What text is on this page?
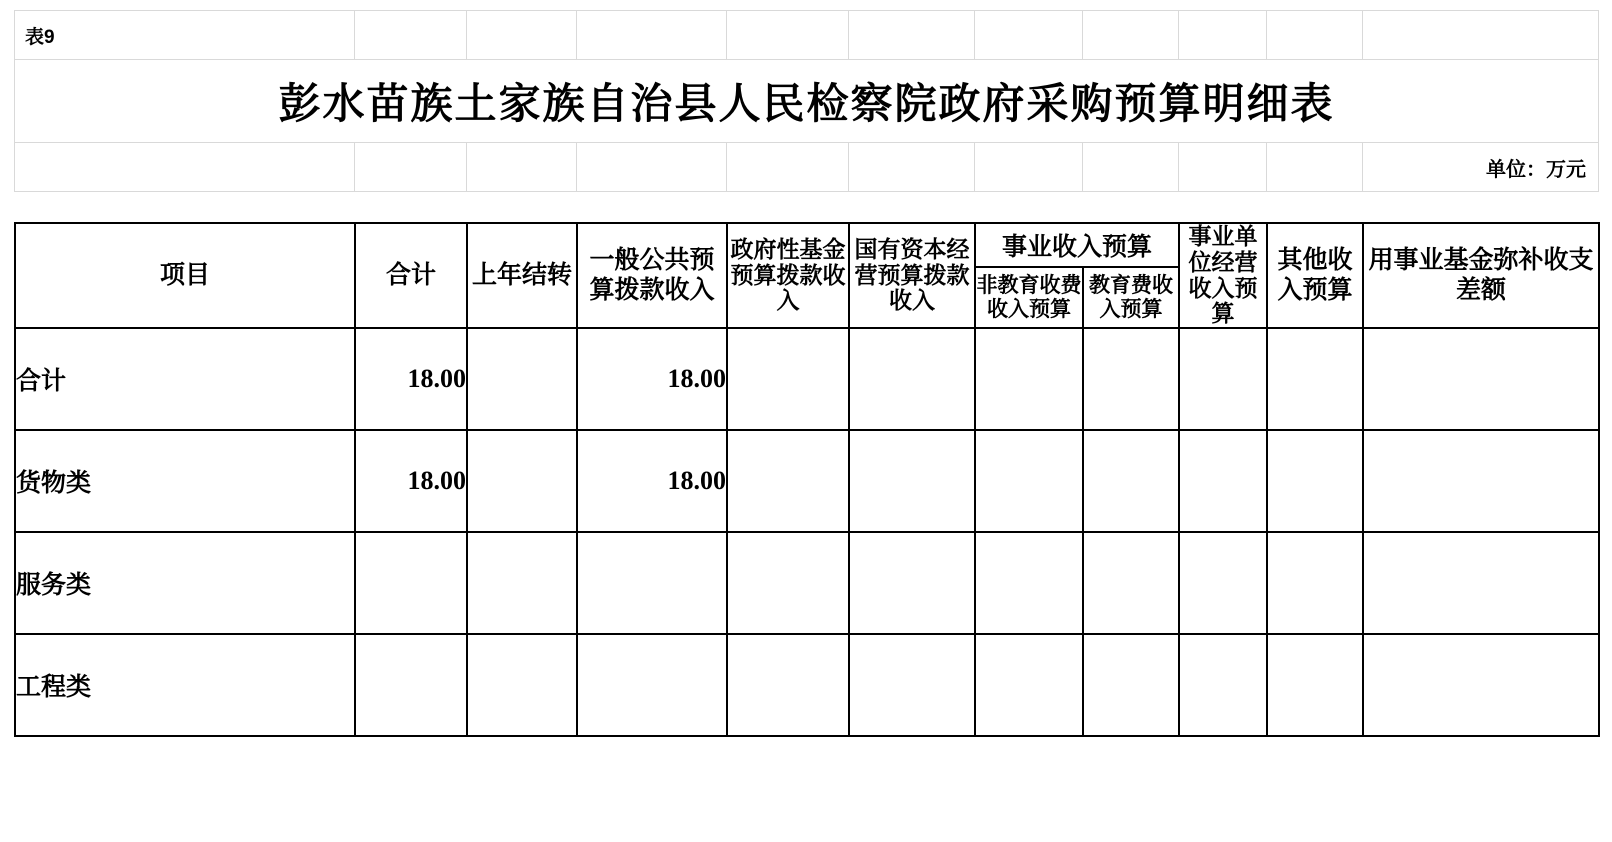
表9										
彭水苗族土家族自治县人民检察院政府采购预算明细表										
										单位：万元
项目	合计	上年结转	一般公共预算拨款收入	政府性基金预算拨款收入	国有资本经营预算拨款收入	事业收入预算		事业单位经营收入预算	其他收入预算	用事业基金弥补收支差额
						非教育收费收入预算	教育费收入预算			
合计	18.00		18.00							
货物类	18.00		18.00							
服务类										
工程类										
